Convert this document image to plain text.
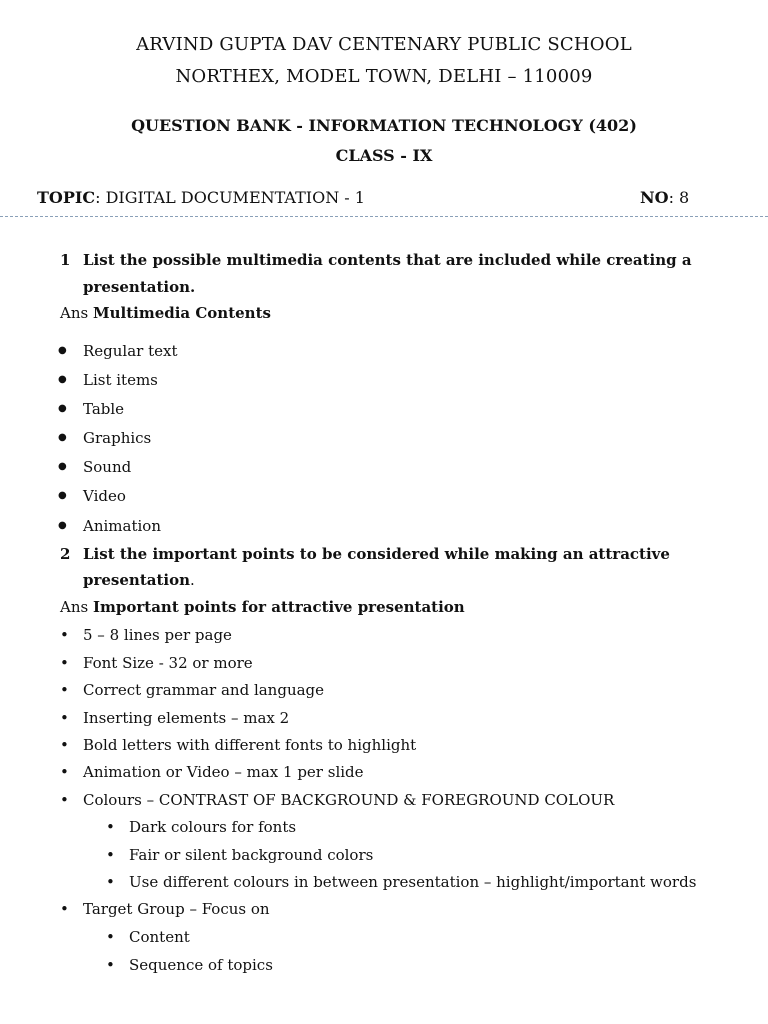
ARVIND GUPTA DAV CENTENARY PUBLIC SCHOOL
NORTHEX, MODEL TOWN, DELHI – 110009
QUESTION BANK - INFORMATION TECHNOLOGY (402)
CLASS - IX
TOPIC: DIGITAL DOCUMENTATION - 1	NO: 8
1 List the possible multimedia contents that are included while creating a
presentation.
Ans Multimedia Contents
● Regular text
● List items
● Table
● Graphics
● Sound
● Video
● Animation
2 List the important points to be considered while making an attractive
presentation.
Ans Important points for attractive presentation
• 5 – 8 lines per page
• Font Size - 32 or more
• Correct grammar and language
• Inserting elements – max 2
• Bold letters with different fonts to highlight
• Animation or Video – max 1 per slide
• Colours – CONTRAST OF BACKGROUND & FOREGROUND COLOUR
• Dark colours for fonts
• Fair or silent background colors
• Use different colours in between presentation – highlight/important words
• Target Group – Focus on
• Content
• Sequence of topics
